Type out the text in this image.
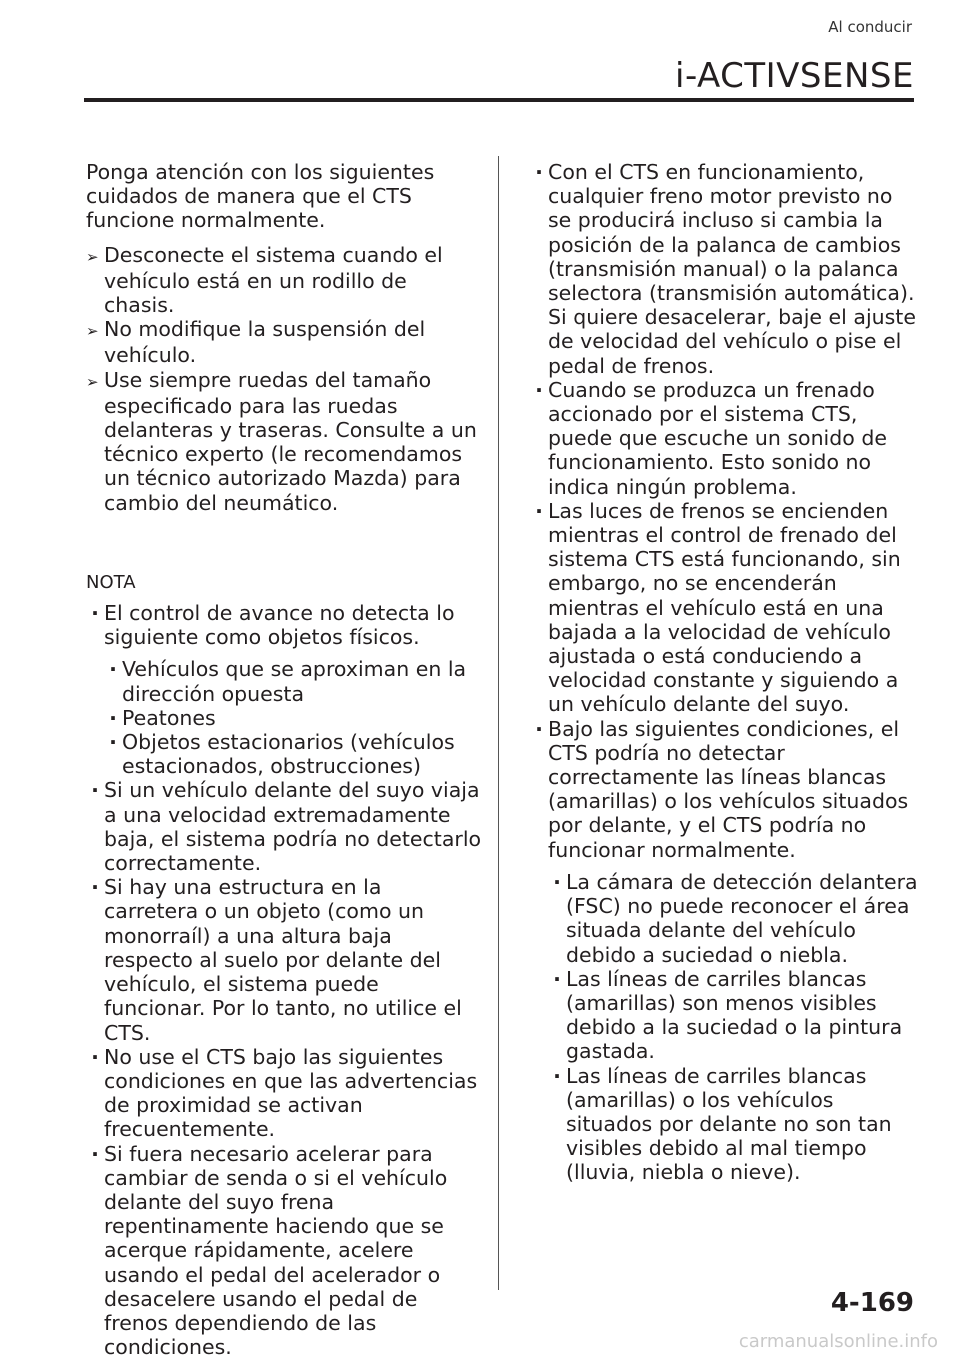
Al conducir
i-ACTIVSENSE

Ponga atención con los siguientes cuidados de manera que el CTS funcione normalmente.

➢ Desconecte el sistema cuando el vehículo está en un rodillo de chasis.
➢ No modifique la suspensión del vehículo.
➢ Use siempre ruedas del tamaño especificado para las ruedas delanteras y traseras. Consulte a un técnico experto (le recomendamos un técnico autorizado Mazda) para cambio del neumático.
NOTA
· El control de avance no detecta lo siguiente como objetos físicos.
· Vehículos que se aproximan en la dirección opuesta
· Peatones
· Objetos estacionarios (vehículos estacionados, obstrucciones)
· Si un vehículo delante del suyo viaja a una velocidad extremadamente baja, el sistema podría no detectarlo correctamente.
· Si hay una estructura en la carretera o un objeto (como un monorraíl) a una altura baja respecto al suelo por delante del vehículo, el sistema puede funcionar. Por lo tanto, no utilice el CTS.
· No use el CTS bajo las siguientes condiciones en que las advertencias de proximidad se activan frecuentemente.
· Si fuera necesario acelerar para cambiar de senda o si el vehículo delante del suyo frena repentinamente haciendo que se acerque rápidamente, acelere usando el pedal del acelerador o desacelere usando el pedal de frenos dependiendo de las condiciones.
· Con el CTS en funcionamiento, cualquier freno motor previsto no se producirá incluso si cambia la posición de la palanca de cambios (transmisión manual) o la palanca selectora (transmisión automática). Si quiere desacelerar, baje el ajuste de velocidad del vehículo o pise el pedal de frenos.
· Cuando se produzca un frenado accionado por el sistema CTS, puede que escuche un sonido de funcionamiento. Esto sonido no indica ningún problema.
· Las luces de frenos se encienden mientras el control de frenado del sistema CTS está funcionando, sin embargo, no se encenderán mientras el vehículo está en una bajada a la velocidad de vehículo ajustada o está conduciendo a velocidad constante y siguiendo a un vehículo delante del suyo.
· Bajo las siguientes condiciones, el CTS podría no detectar correctamente las líneas blancas (amarillas) o los vehículos situados por delante, y el CTS podría no funcionar normalmente.
· La cámara de detección delantera (FSC) no puede reconocer el área situada delante del vehículo debido a suciedad o niebla.
· Las líneas de carriles blancas (amarillas) son menos visibles debido a la suciedad o la pintura gastada.
· Las líneas de carriles blancas (amarillas) o los vehículos situados por delante no son tan visibles debido al mal tiempo (lluvia, niebla o nieve).
4-169
carmanualsonline.info
